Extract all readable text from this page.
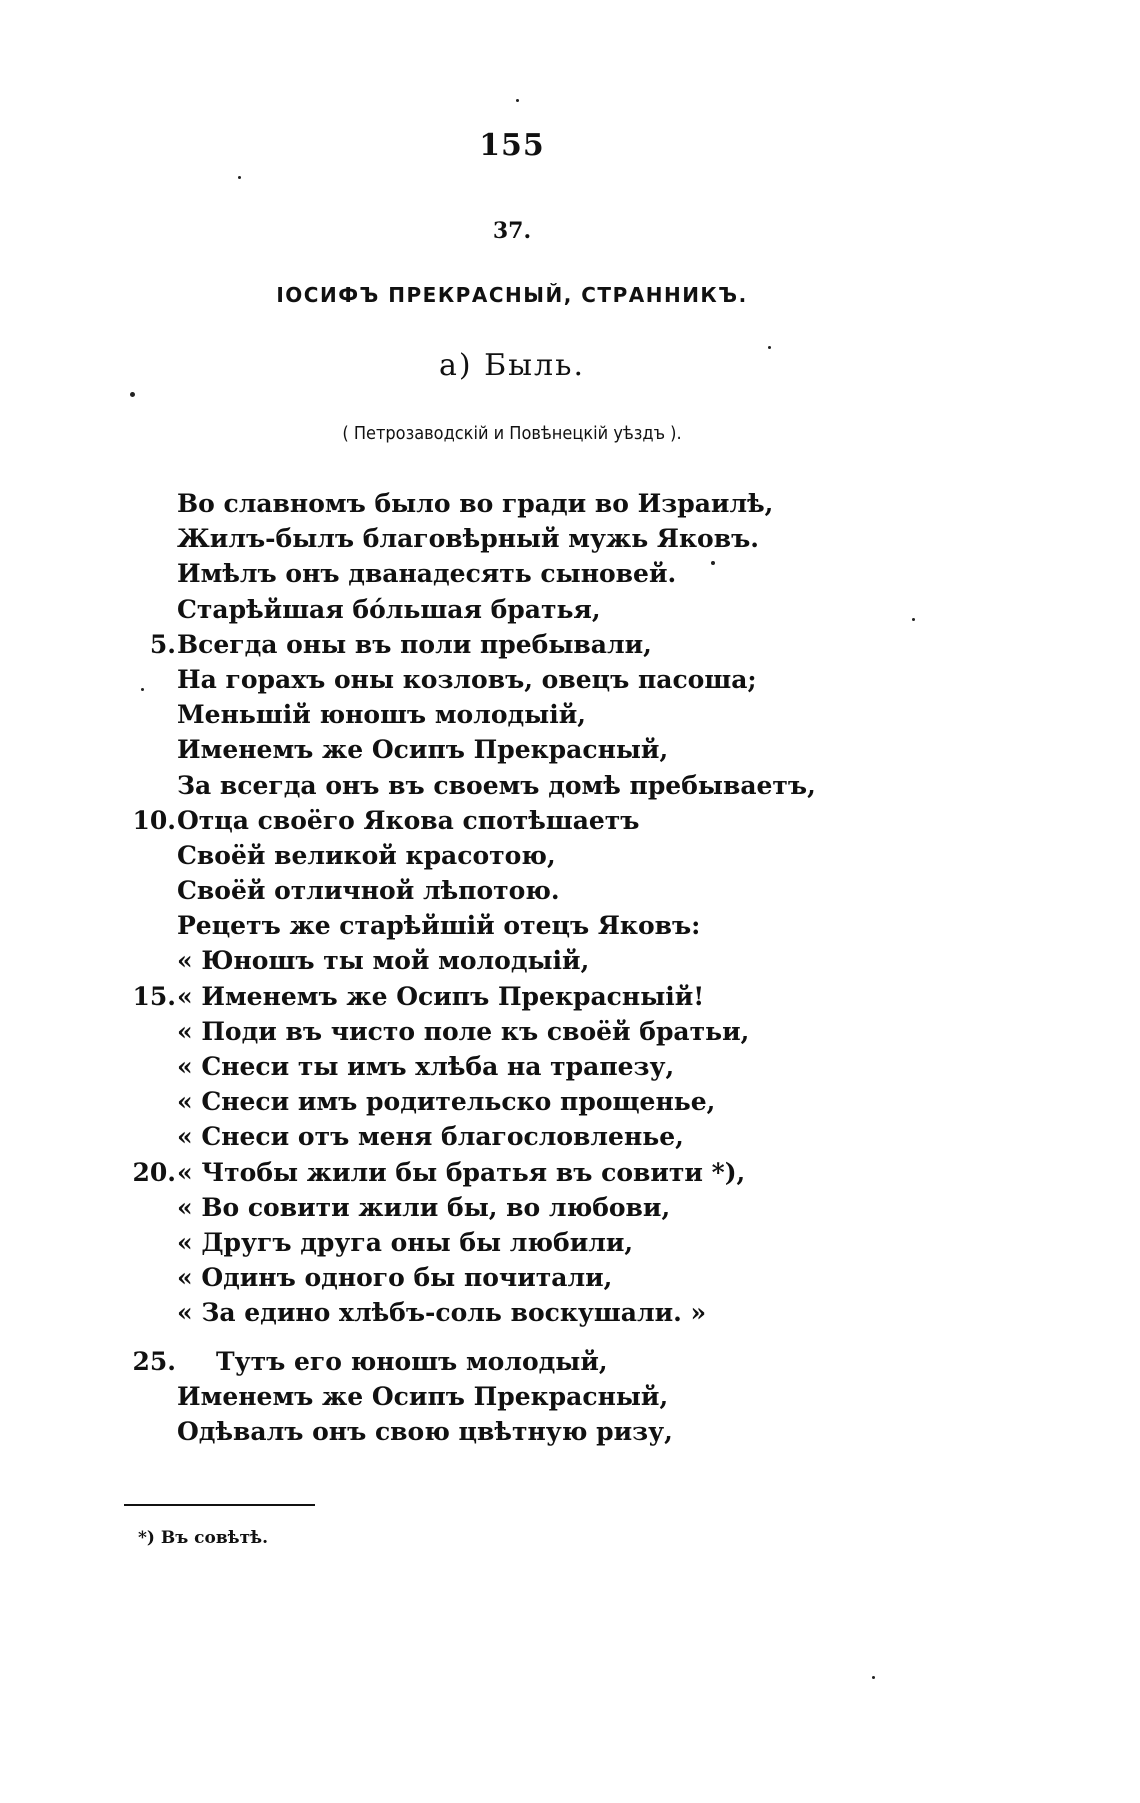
155
37.
ІОСИФЪ ПРЕКРАСНЫЙ, СТРАННИКЪ.
а) Быль.
( Петрозаводскій и Повѣнецкій уѣздъ ).
Во славномъ было во гради во Израилѣ,
Жилъ-былъ благовѣрный мужь Яковъ.
Имѣлъ онъ дванадесять сыновей.
Старѣйшая бóльшая братья,
5. Всегда оны въ поли пребывали,
На горахъ оны козловъ, овецъ пасоша;
Меньшій юношъ молодыій,
Именемъ же Осипъ Прекрасный,
За всегда онъ въ своемъ домѣ пребываетъ,
10. Отца своёго Якова спотѣшаетъ
Своёй великой красотою,
Своёй отличной лѣпотою.
Рецетъ же старѣйшій отецъ Яковъ:
« Юношъ ты мой молодыій,
15. « Именемъ же Осипъ Прекрасныій!
« Поди въ чисто поле къ своёй братьи,
« Снеси ты имъ хлѣба на трапезу,
« Снеси имъ родительско прощенье,
« Снеси отъ меня благословленье,
20. « Чтобы жили бы братья въ совити *),
« Во совити жили бы, во любови,
« Другъ друга оны бы любили,
« Одинъ одного бы почитали,
« За едино хлѣбъ-соль воскушали. »
25. Тутъ его юношъ молодый,
Именемъ же Осипъ Прекрасный,
Одѣвалъ онъ свою цвѣтную ризу,
*) Въ совѣтѣ.
